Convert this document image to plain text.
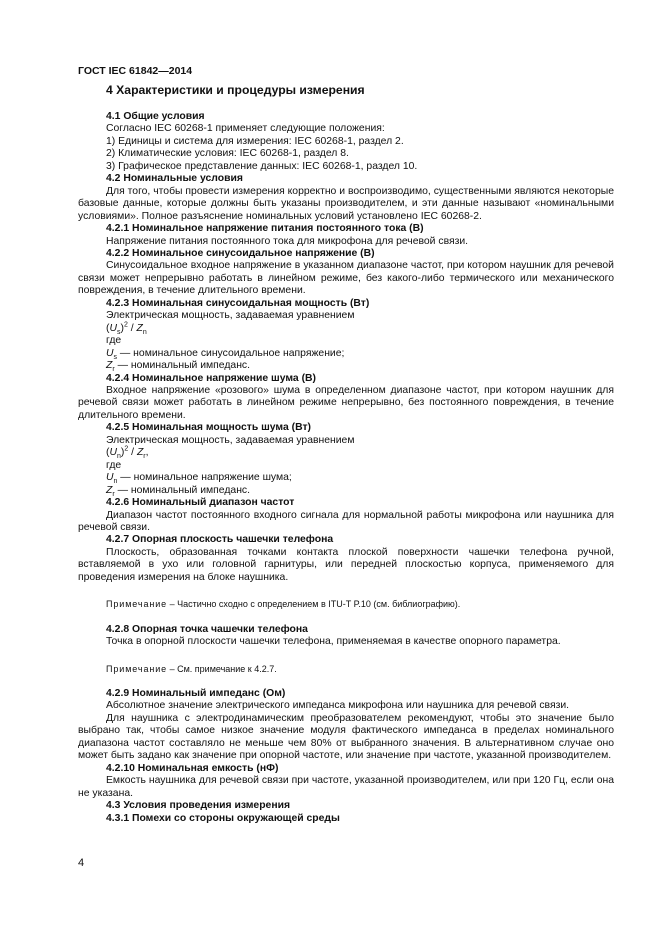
ГОСТ IEC 61842—2014

4 Характеристики и процедуры измерения

4.1 Общие условия

Согласно IEC 60268-1 применяет следующие положения:

1) Единицы и система для измерения: IEC 60268-1, раздел 2.

2) Климатические условия: IEC 60268-1, раздел 8.

3) Графическое представление данных: IEC 60268-1, раздел 10.

4.2 Номинальные условия

Для того, чтобы провести измерения корректно и воспроизводимо, существенными являются некоторые базовые данные, которые должны быть указаны производителем, и эти данные называют «номинальными условиями». Полное разъяснение номинальных условий установлено IEC 60268-2.

4.2.1 Номинальное напряжение питания постоянного тока (В)

Напряжение питания постоянного тока для микрофона для речевой связи.

4.2.2 Номинальное синусоидальное напряжение (В)

Синусоидальное входное напряжение в указанном диапазоне частот, при котором наушник для речевой связи может непрерывно работать в линейном режиме, без какого-либо термического или механического повреждения, в течение длительного времени.

4.2.3 Номинальная синусоидальная мощность (Вт)

Электрическая мощность, задаваемая уравнением

$(U_s)^2 / Z_n$

где

$U_s$ — номинальное синусоидальное напряжение;

$Z_r$ — номинальный импеданс.

4.2.4 Номинальное напряжение шума (В)

Входное напряжение «розового» шума в определенном диапазоне частот, при котором наушник для речевой связи может работать в линейном режиме непрерывно, без постоянного повреждения, в течение длительного времени.

4.2.5 Номинальная мощность шума (Вт)

Электрическая мощность, задаваемая уравнением

$(U_n)^2 / Z_r$,

где

$U_n$ — номинальное напряжение шума;

$Z_r$ — номинальный импеданс.

4.2.6 Номинальный диапазон частот

Диапазон частот постоянного входного сигнала для нормальной работы микрофона или наушника для речевой связи.

4.2.7 Опорная плоскость чашечки телефона

Плоскость, образованная точками контакта плоской поверхности чашечки телефона ручной, вставляемой в ухо или головной гарнитуры, или передней плоскостью корпуса, применяемого для проведения измерения на блоке наушника.

Примечание – Частично сходно с определением в ITU-T P.10 (см. библиографию).

4.2.8 Опорная точка чашечки телефона

Точка в опорной плоскости чашечки телефона, применяемая в качестве опорного параметра.

Примечание – См. примечание к 4.2.7.

4.2.9 Номинальный импеданс (Ом)

Абсолютное значение электрического импеданса микрофона или наушника для речевой связи.

Для наушника с электродинамическим преобразователем рекомендуют, чтобы это значение было выбрано так, чтобы самое низкое значение модуля фактического импеданса в пределах номинального диапазона частот составляло не меньше чем 80% от выбранного значения. В альтернативном случае оно может быть задано как значение при опорной частоте, или значение при частоте, указанной производителем.

4.2.10 Номинальная емкость (нФ)

Емкость наушника для речевой связи при частоте, указанной производителем, или при 120 Гц, если она не указана.

4.3 Условия проведения измерения

4.3.1 Помехи со стороны окружающей среды

4
